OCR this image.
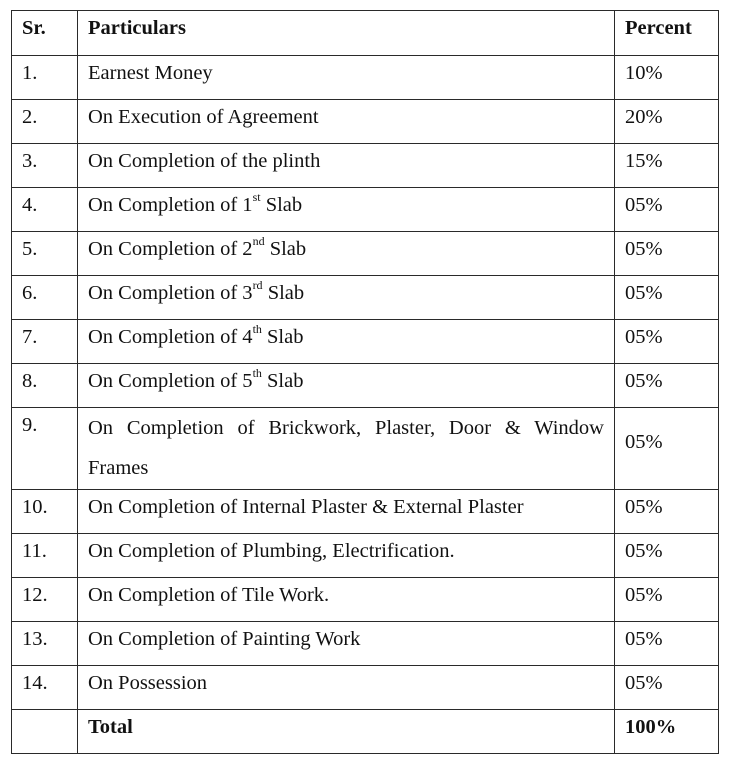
Sr.	Particulars	Percent

1.	Earnest Money	10%

2.	On Execution of Agreement	20%

3.	On Completion of the plinth	15%

4.	On Completion of 1st Slab	05%

5.	On Completion of 2nd Slab	05%

6.	On Completion of 3rd Slab	05%

7.	On Completion of 4th Slab	05%

8.	On Completion of 5th Slab	05%

9.	On Completion of Brickwork, Plaster, Door & Window Frames	05%

10.	On Completion of Internal Plaster & External Plaster	05%

11.	On Completion of Plumbing, Electrification.	05%

12.	On Completion of Tile Work.	05%

13.	On Completion of Painting Work	05%

14.	On Possession	05%

	Total	100%
